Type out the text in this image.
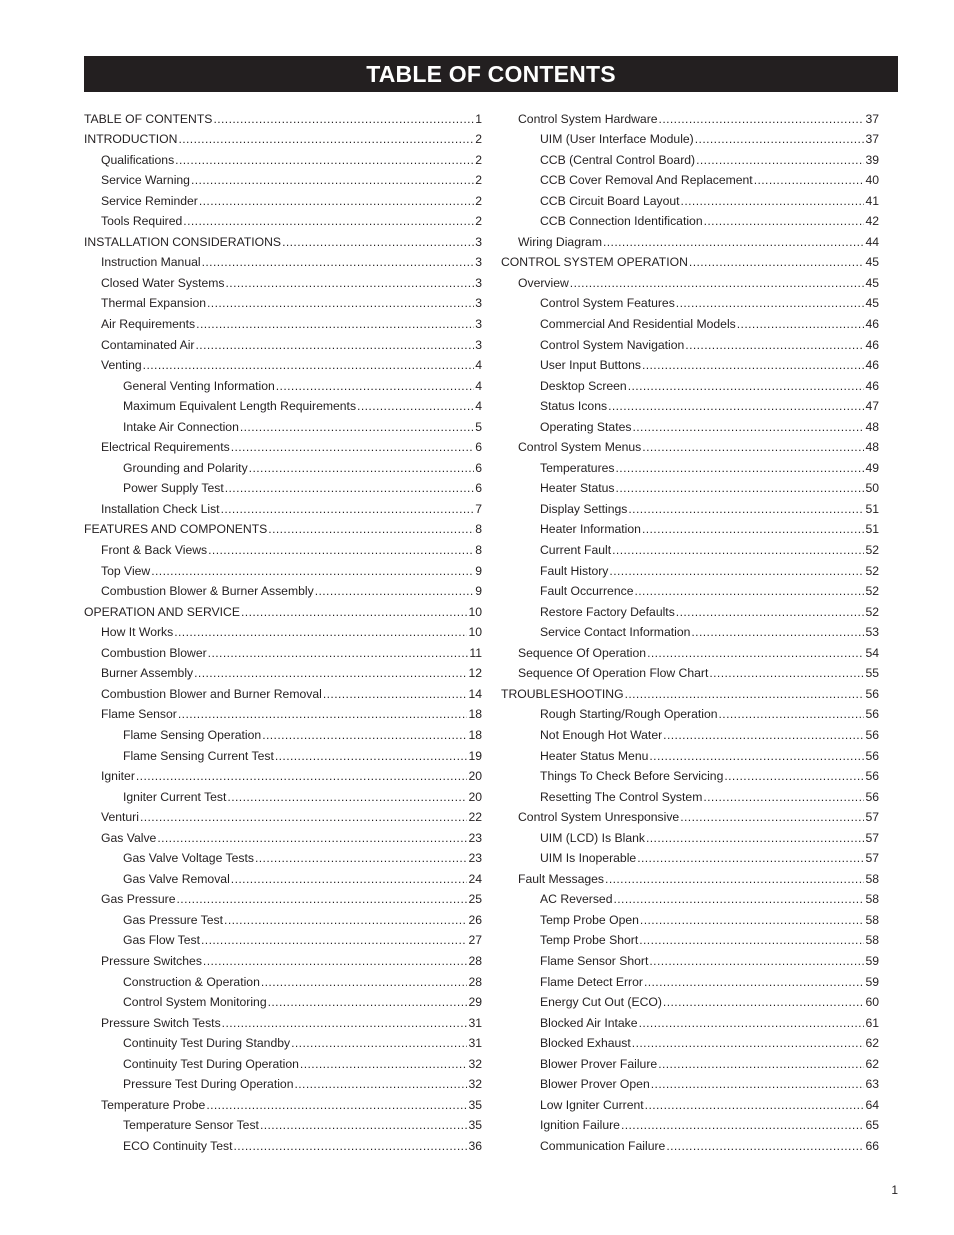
TABLE OF CONTENTS
TABLE OF CONTENTS .....	1
INTRODUCTION .....	2
Qualifications .....	2
Service Warning .....	2
Service Reminder .....	2
Tools Required .....	2
INSTALLATION CONSIDERATIONS .....	3
Instruction Manual .....	3
Closed Water Systems .....	3
Thermal Expansion .....	3
Air Requirements .....	3
Contaminated Air .....	3
Venting .....	4
General Venting Information .....	4
Maximum Equivalent Length Requirements .....	4
Intake Air Connection .....	5
Electrical Requirements .....	6
Grounding and Polarity .....	6
Power Supply Test .....	6
Installation Check List .....	7
FEATURES AND COMPONENTS .....	8
Front & Back Views .....	8
Top View .....	9
Combustion Blower & Burner Assembly .....	9
OPERATION AND SERVICE .....	10
How It Works .....	10
Combustion Blower .....	11
Burner Assembly .....	12
Combustion Blower and Burner Removal .....	14
Flame Sensor .....	18
Flame Sensing Operation .....	18
Flame Sensing Current Test .....	19
Igniter .....	20
Igniter Current Test .....	20
Venturi .....	22
Gas Valve .....	23
Gas Valve Voltage Tests .....	23
Gas Valve Removal .....	24
Gas Pressure .....	25
Gas Pressure Test .....	26
Gas Flow Test .....	27
Pressure Switches .....	28
Construction & Operation .....	28
Control System Monitoring .....	29
Pressure Switch Tests .....	31
Continuity Test During Standby .....	31
Continuity Test During Operation .....	32
Pressure Test During Operation .....	32
Temperature Probe .....	35
Temperature Sensor Test .....	35
ECO Continuity Test .....	36
Control System Hardware .....	37
UIM (User Interface Module) .....	37
CCB (Central Control Board) .....	39
CCB Cover Removal And Replacement .....	40
CCB Circuit Board Layout .....	41
CCB Connection Identification .....	42
Wiring Diagram .....	44
CONTROL SYSTEM OPERATION .....	45
Overview .....	45
Control System Features .....	45
Commercial And Residential Models .....	46
Control System Navigation .....	46
User Input Buttons .....	46
Desktop Screen .....	46
Status Icons .....	47
Operating States .....	48
Control System Menus .....	48
Temperatures .....	49
Heater Status .....	50
Display Settings .....	51
Heater Information .....	51
Current Fault .....	52
Fault History .....	52
Fault Occurrence .....	52
Restore Factory Defaults .....	52
Service Contact Information .....	53
Sequence Of Operation .....	54
Sequence Of Operation Flow Chart .....	55
TROUBLESHOOTING .....	56
Rough Starting/Rough Operation .....	56
Not Enough Hot Water .....	56
Heater Status Menu .....	56
Things To Check Before Servicing .....	56
Resetting The Control System .....	56
Control System Unresponsive .....	57
UIM (LCD) Is Blank .....	57
UIM Is Inoperable .....	57
Fault Messages .....	58
AC Reversed .....	58
Temp Probe Open .....	58
Temp Probe Short .....	58
Flame Sensor Short .....	59
Flame Detect Error .....	59
Energy Cut Out (ECO) .....	60
Blocked Air Intake .....	61
Blocked Exhaust .....	62
Blower Prover Failure .....	62
Blower Prover Open .....	63
Low Igniter Current .....	64
Ignition Failure .....	65
Communication Failure .....	66
1
